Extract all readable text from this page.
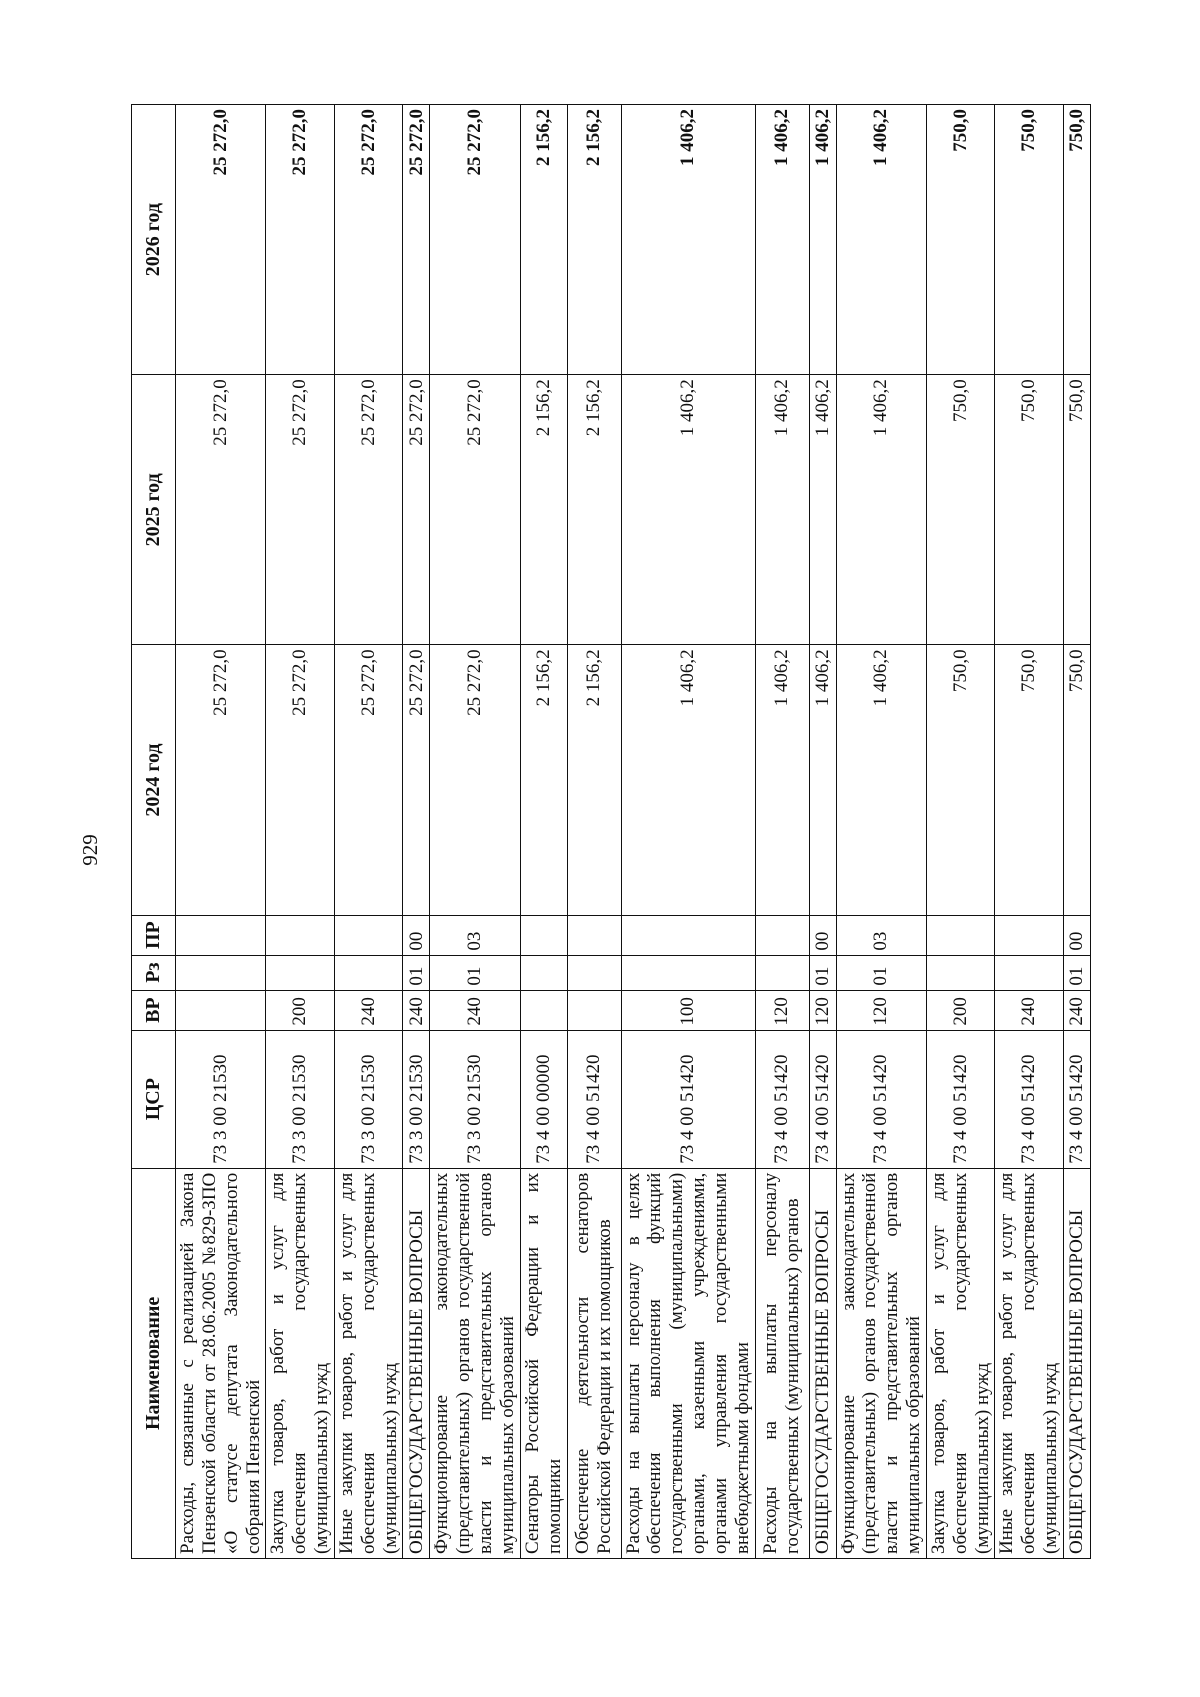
929
Наименование	ЦСР	ВР	Рз	ПР	2024 год	2025 год	2026 год
Расходы, связанные с реализацией Закона Пензенской области от 28.06.2005 №829-ЗПО «О статусе депутата Законодательного собрания Пензенской	73 3 00 21530				25 272,0	25 272,0	25 272,0
Закупка товаров, работ и услуг для обеспечения государственных (муниципальных) нужд	73 3 00 21530	200			25 272,0	25 272,0	25 272,0
Иные закупки товаров, работ и услуг для обеспечения государственных (муниципальных) нужд	73 3 00 21530	240			25 272,0	25 272,0	25 272,0
ОБЩЕГОСУДАРСТВЕННЫЕ ВОПРОСЫ	73 3 00 21530	240	01	00	25 272,0	25 272,0	25 272,0
Функционирование законодательных (представительных) органов государственной власти и представительных органов муниципальных образований	73 3 00 21530	240	01	03	25 272,0	25 272,0	25 272,0
Сенаторы Российской Федерации и их помощники	73 4 00 00000				2 156,2	2 156,2	2 156,2
Обеспечение деятельности сенаторов Российской Федерации и их помощников	73 4 00 51420				2 156,2	2 156,2	2 156,2
Расходы на выплаты персоналу в целях обеспечения выполнения функций государственными (муниципальными) органами, казенными учреждениями, органами управления государственными внебюджетными фондами	73 4 00 51420	100			1 406,2	1 406,2	1 406,2
Расходы на выплаты персоналу государственных (муниципальных) органов	73 4 00 51420	120			1 406,2	1 406,2	1 406,2
ОБЩЕГОСУДАРСТВЕННЫЕ ВОПРОСЫ	73 4 00 51420	120	01	00	1 406,2	1 406,2	1 406,2
Функционирование законодательных (представительных) органов государственной власти и представительных органов муниципальных образований	73 4 00 51420	120	01	03	1 406,2	1 406,2	1 406,2
Закупка товаров, работ и услуг для обеспечения государственных (муниципальных) нужд	73 4 00 51420	200			750,0	750,0	750,0
Иные закупки товаров, работ и услуг для обеспечения государственных (муниципальных) нужд	73 4 00 51420	240			750,0	750,0	750,0
ОБЩЕГОСУДАРСТВЕННЫЕ ВОПРОСЫ	73 4 00 51420	240	01	00	750,0	750,0	750,0
